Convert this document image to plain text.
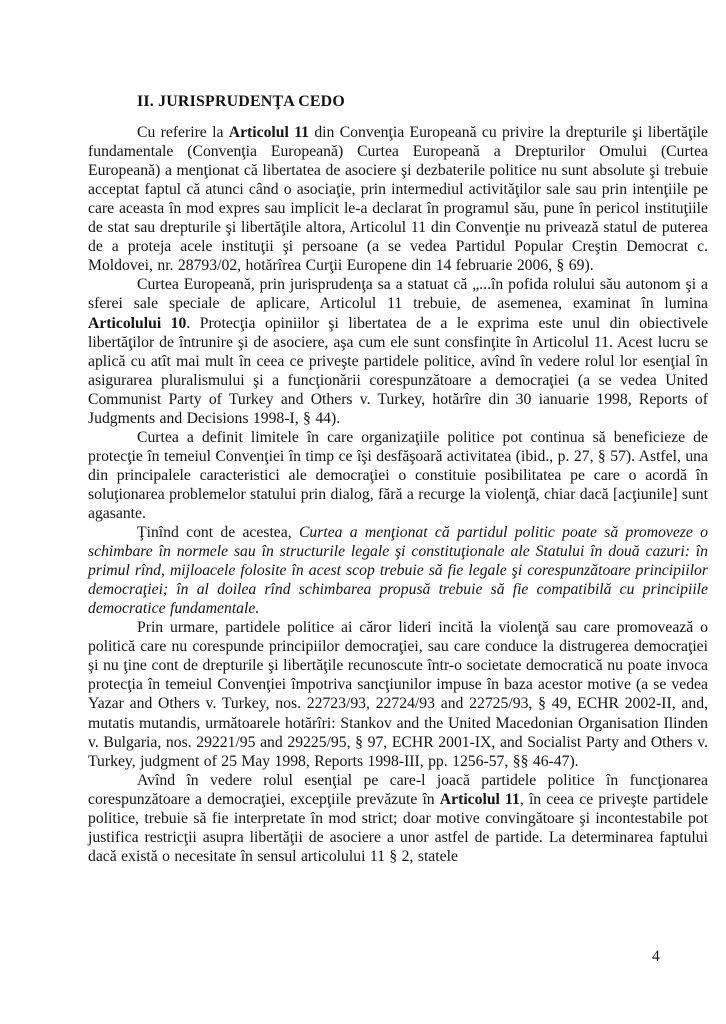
II. JURISPRUDENŢA CEDO

Cu referire la Articolul 11 din Convenţia Europeană cu privire la drepturile şi libertăţile fundamentale (Convenţia Europeană) Curtea Europeană a Drepturilor Omului (Curtea Europeană) a menţionat că libertatea de asociere şi dezbaterile politice nu sunt absolute şi trebuie acceptat faptul că atunci când o asociaţie, prin intermediul activităţilor sale sau prin intenţiile pe care aceasta în mod expres sau implicit le-a declarat în programul său, pune în pericol instituţiile de stat sau drepturile şi libertăţile altora, Articolul 11 din Convenţie nu privează statul de puterea de a proteja acele instituţii şi persoane (a se vedea Partidul Popular Creştin Democrat c. Moldovei, nr. 28793/02, hotărîrea Curţii Europene din 14 februarie 2006, § 69).

Curtea Europeană, prin jurisprudenţa sa a statuat că „...în pofida rolului său autonom şi a sferei sale speciale de aplicare, Articolul 11 trebuie, de asemenea, examinat în lumina Articolului 10. Protecţia opiniilor şi libertatea de a le exprima este unul din obiectivele libertăţilor de întrunire şi de asociere, aşa cum ele sunt consfinţite în Articolul 11. Acest lucru se aplică cu atît mai mult în ceea ce priveşte partidele politice, avînd în vedere rolul lor esenţial în asigurarea pluralismului şi a funcţionării corespunzătoare a democraţiei (a se vedea United Communist Party of Turkey and Others v. Turkey, hotărîre din 30 ianuarie 1998, Reports of Judgments and Decisions 1998-I, § 44).

Curtea a definit limitele în care organizaţiile politice pot continua să beneficieze de protecţie în temeiul Convenţiei în timp ce îşi desfăşoară activitatea (ibid., p. 27, § 57). Astfel, una din principalele caracteristici ale democraţiei o constituie posibilitatea pe care o acordă în soluţionarea problemelor statului prin dialog, fără a recurge la violenţă, chiar dacă [acţiunile] sunt agasante.

Ţinînd cont de acestea, Curtea a menţionat că partidul politic poate să promoveze o schimbare în normele sau în structurile legale şi constituţionale ale Statului în două cazuri: în primul rînd, mijloacele folosite în acest scop trebuie să fie legale şi corespunzătoare principiilor democraţiei; în al doilea rînd schimbarea propusă trebuie să fie compatibilă cu principiile democratice fundamentale.

Prin urmare, partidele politice ai căror lideri incită la violenţă sau care promovează o politică care nu corespunde principiilor democraţiei, sau care conduce la distrugerea democraţiei şi nu ţine cont de drepturile şi libertăţile recunoscute într-o societate democratică nu poate invoca protecţia în temeiul Convenţiei împotriva sancţiunilor impuse în baza acestor motive (a se vedea Yazar and Others v. Turkey, nos. 22723/93, 22724/93 and 22725/93, § 49, ECHR 2002-II, and, mutatis mutandis, următoarele hotărîri: Stankov and the United Macedonian Organisation Ilinden v. Bulgaria, nos. 29221/95 and 29225/95, § 97, ECHR 2001-IX, and Socialist Party and Others v. Turkey, judgment of 25 May 1998, Reports 1998-III, pp. 1256-57, §§ 46-47).

Avînd în vedere rolul esenţial pe care-l joacă partidele politice în funcţionarea corespunzătoare a democraţiei, excepţiile prevăzute în Articolul 11, în ceea ce priveşte partidele politice, trebuie să fie interpretate în mod strict; doar motive convingătoare şi incontestabile pot justifica restricţii asupra libertăţii de asociere a unor astfel de partide. La determinarea faptului dacă există o necesitate în sensul articolului 11 § 2, statele

4
